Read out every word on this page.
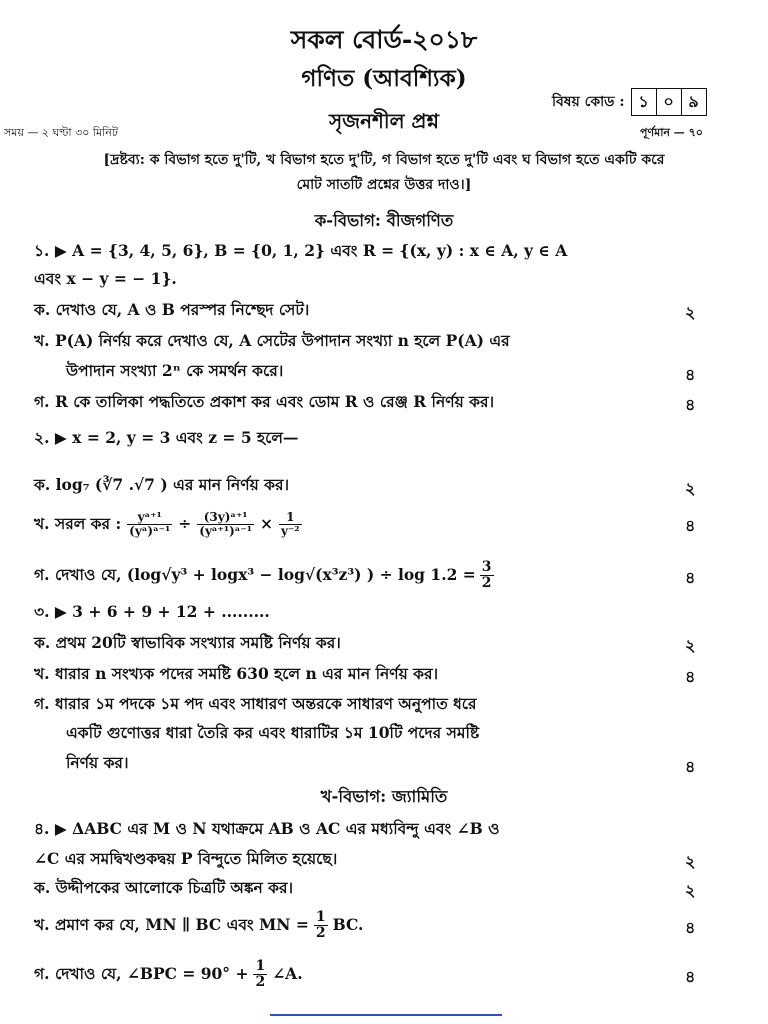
সকল বোর্ড-২০১৮
গণিত (আবশ্যিক)
সৃজনশীল প্রশ্ন
বিষয় কোড : ১ ০ ৯
সময় — ২ ঘণ্টা ৩০ মিনিট	পূর্ণমান — ৭০
[দ্রষ্টব্য: ক বিভাগ হতে দু'টি, খ বিভাগ হতে দু'টি, গ বিভাগ হতে দু'টি এবং ঘ বিভাগ হতে একটি করে
মোট সাতটি প্রশ্নের উত্তর দাও।]
ক-বিভাগ: বীজগণিত
১. ▶ A = {3, 4, 5, 6}, B = {0, 1, 2} এবং R = {(x, y) : x ∈ A, y ∈ A
এবং x − y = − 1}.
ক. দেখাও যে, A ও B পরস্পর নিশ্ছেদ সেট।	২
খ. P(A) নির্ণয় করে দেখাও যে, A সেটের উপাদান সংখ্যা n হলে P(A) এর
উপাদান সংখ্যা 2ⁿ কে সমর্থন করে।	৪
গ. R কে তালিকা পদ্ধতিতে প্রকাশ কর এবং ডোম R ও রেঞ্জ R নির্ণয় কর।	৪
২. ▶ x = 2, y = 3 এবং z = 5 হলে—
ক. log₇ (∛7 .√7 ) এর মান নির্ণয় কর।	২
খ. সরল কর : $\frac{\text{yᵃ⁺¹}}{\text{(yᵃ)ᵃ⁻¹}} \div \frac{\text{(3y)ᵃ⁺¹}}{\text{(yᵃ⁺¹)ᵃ⁻¹}} \times \frac{1}{\text{y⁻²}}$	৪
গ. দেখাও যে, (log√y³ + logx³ − log√(x³z³) ) ÷ $\log 1.2 = \frac{3}{2}$	৪
৩. ▶ 3 + 6 + 9 + 12 + .........
ক. প্রথম 20টি স্বাভাবিক সংখ্যার সমষ্টি নির্ণয় কর।	২
খ. ধারার n সংখ্যক পদের সমষ্টি 630 হলে n এর মান নির্ণয় কর।	৪
গ. ধারার ১ম পদকে ১ম পদ এবং সাধারণ অন্তরকে সাধারণ অনুপাত ধরে
একটি গুণোত্তর ধারা তৈরি কর এবং ধারাটির ১ম 10টি পদের সমষ্টি
নির্ণয় কর।	৪
খ-বিভাগ: জ্যামিতি
৪. ▶ ΔABC এর M ও N যথাক্রমে AB ও AC এর মধ্যবিন্দু এবং ∠B ও
∠C এর সমদ্বিখণ্ডকদ্বয় P বিন্দুতে মিলিত হয়েছে।	২
ক. উদ্দীপকের আলোকে চিত্রটি অঙ্কন কর।	২
খ. প্রমাণ কর যে, MN ∥ BC এবং MN = $\frac{1}{2}$ BC.	৪
গ. দেখাও যে, ∠BPC = $90^\circ + \frac{1}{2}$ ∠A.	৪
